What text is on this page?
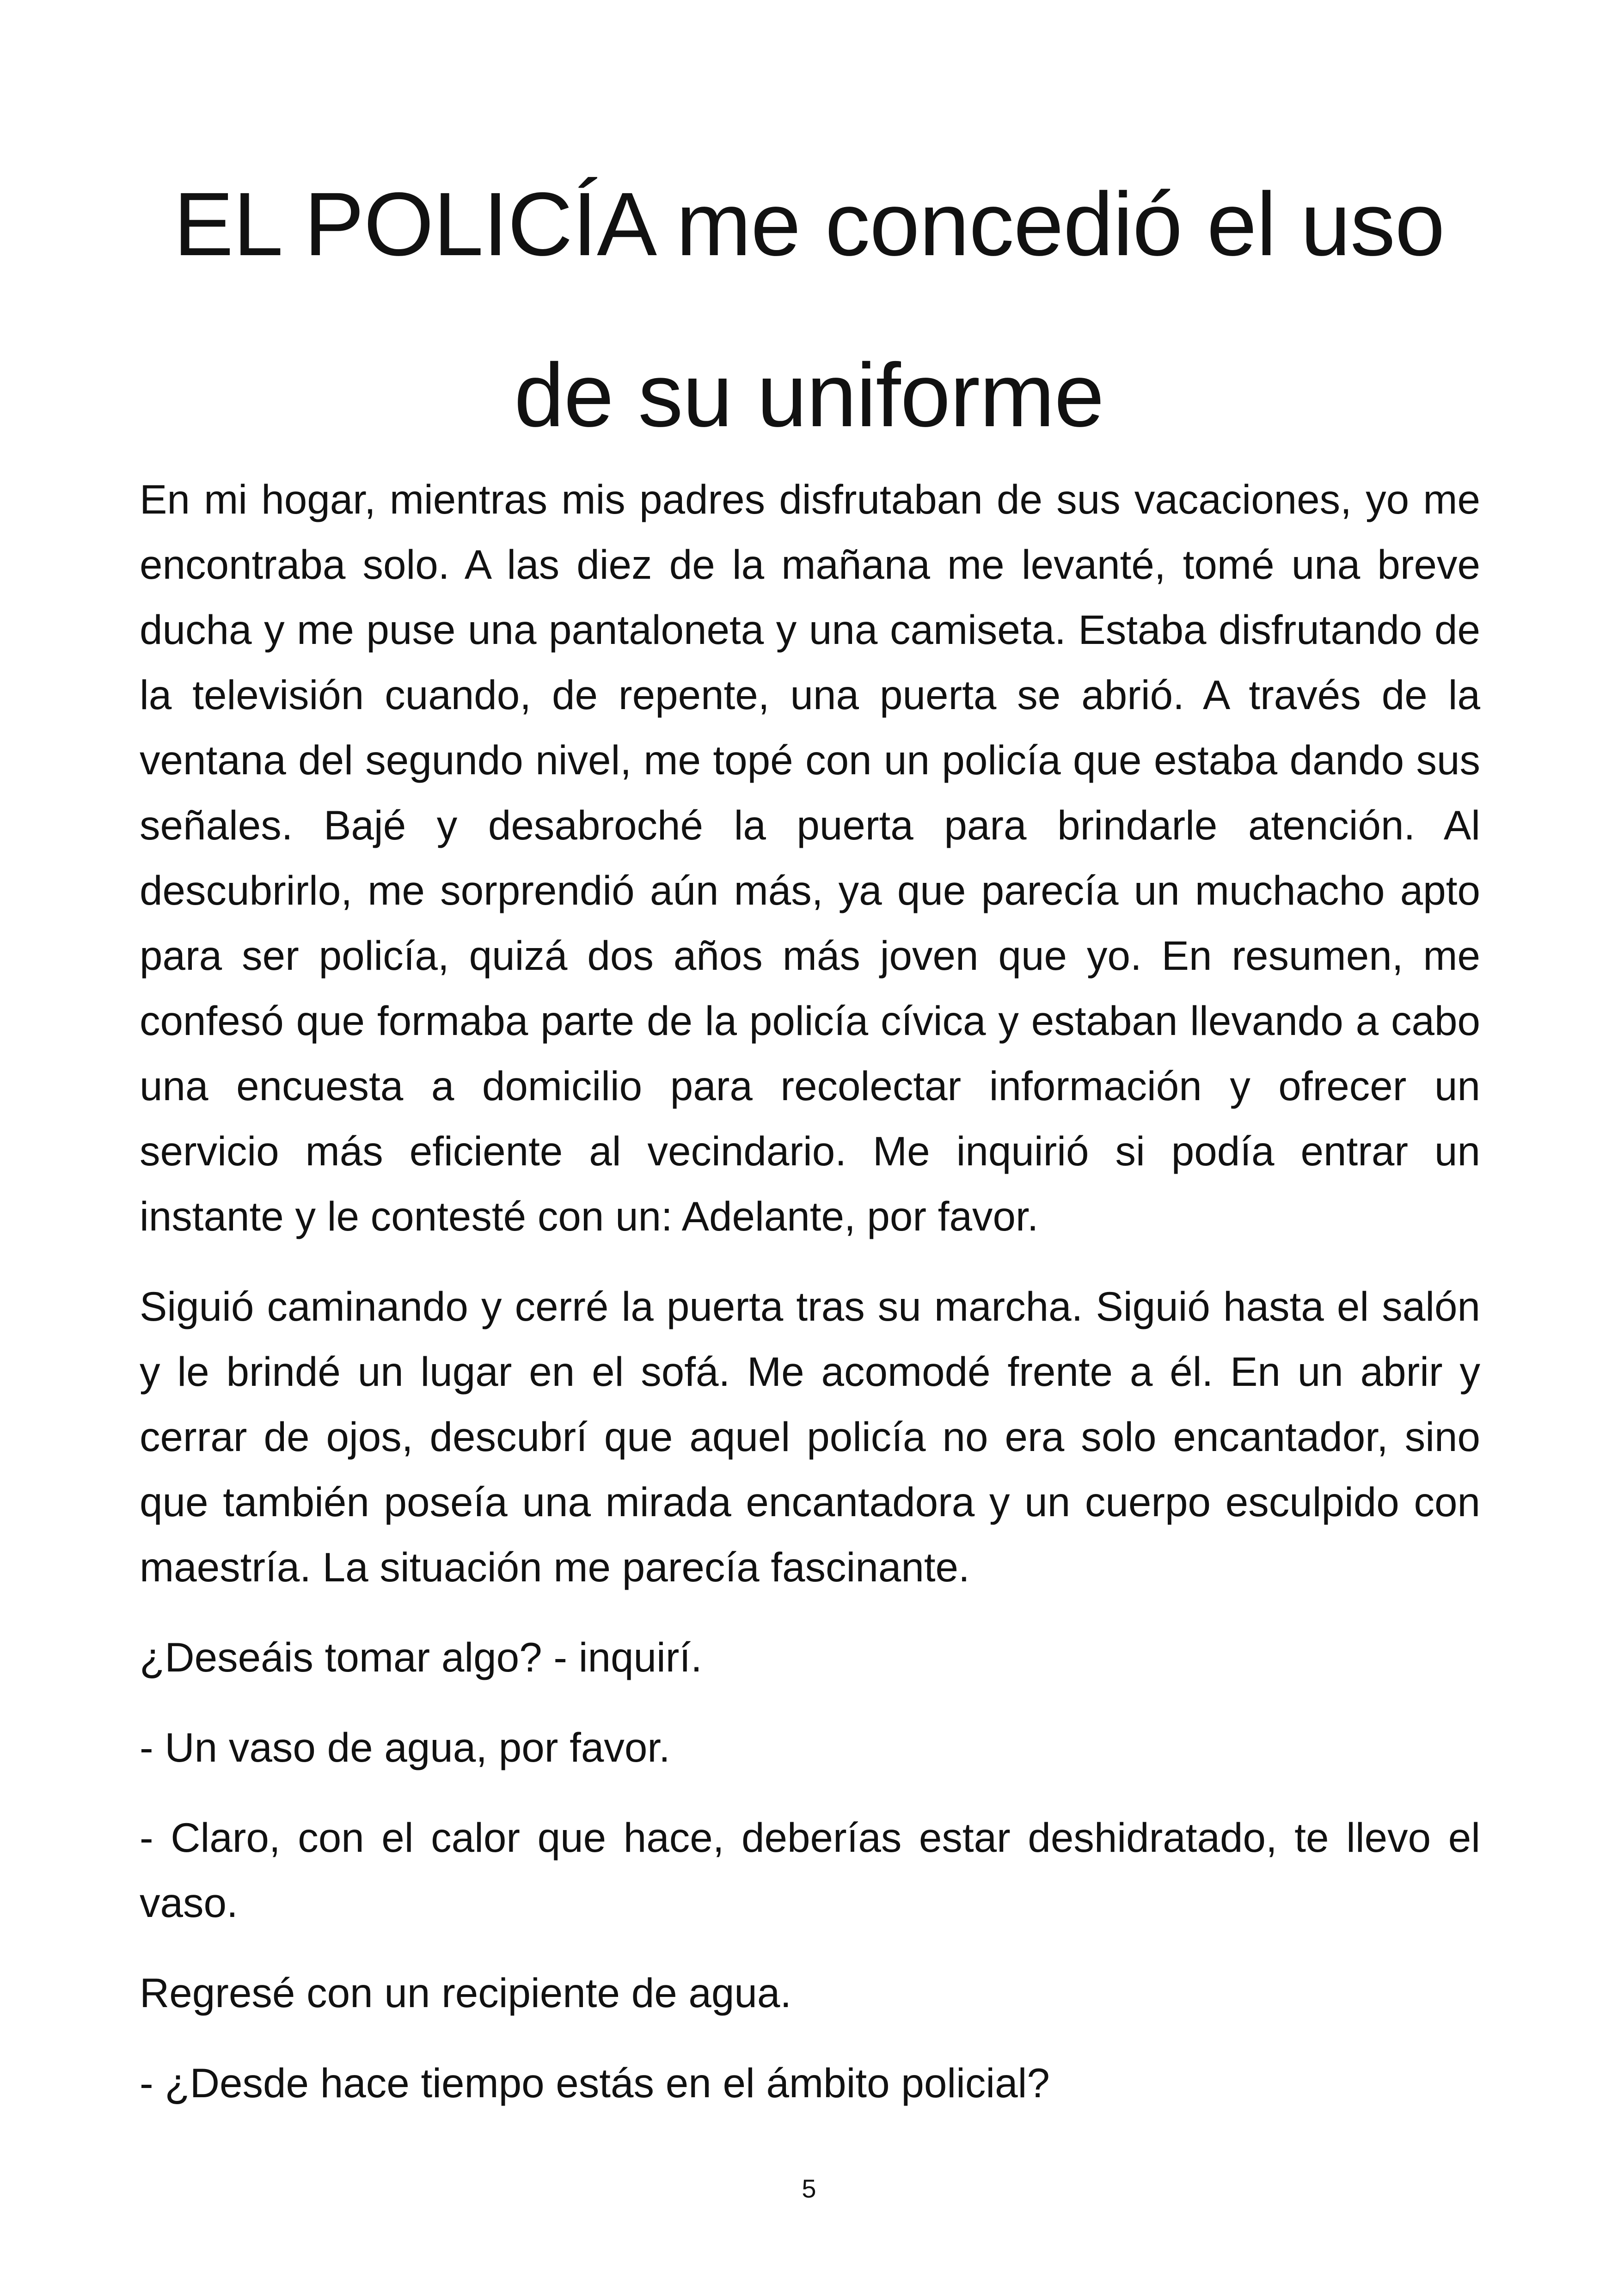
EL POLICÍA me concedió el uso de su uniforme

En mi hogar, mientras mis padres disfrutaban de sus vacaciones, yo me encontraba solo. A las diez de la mañana me levanté, tomé una breve ducha y me puse una pantaloneta y una camiseta. Estaba disfrutando de la televisión cuando, de repente, una puerta se abrió. A través de la ventana del segundo nivel, me topé con un policía que estaba dando sus señales. Bajé y desabroché la puerta para brindarle atención. Al descubrirlo, me sorprendió aún más, ya que parecía un muchacho apto para ser policía, quizá dos años más joven que yo. En resumen, me confesó que formaba parte de la policía cívica y estaban llevando a cabo una encuesta a domicilio para recolectar información y ofrecer un servicio más eficiente al vecindario. Me inquirió si podía entrar un instante y le contesté con un: Adelante, por favor.

Siguió caminando y cerré la puerta tras su marcha. Siguió hasta el salón y le brindé un lugar en el sofá. Me acomodé frente a él. En un abrir y cerrar de ojos, descubrí que aquel policía no era solo encantador, sino que también poseía una mirada encantadora y un cuerpo esculpido con maestría. La situación me parecía fascinante.

¿Deseáis tomar algo? - inquirí.

- Un vaso de agua, por favor.

- Claro, con el calor que hace, deberías estar deshidratado, te llevo el vaso.

Regresé con un recipiente de agua.

- ¿Desde hace tiempo estás en el ámbito policial?

5
